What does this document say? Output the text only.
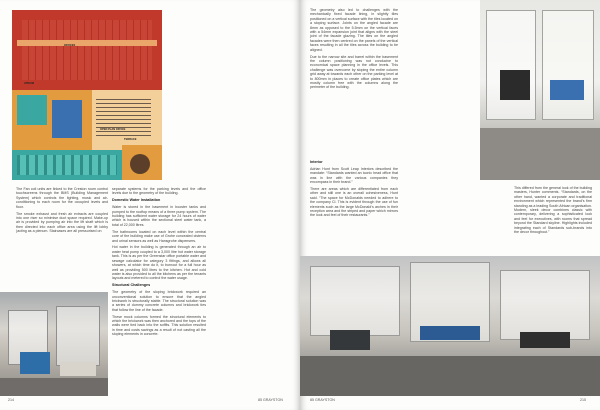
OFFICES
ATRIUM
OPEN PLAN OFFICE
TERRACE

The Fan coil units are linked to the Creston room control touchscreens through the BMS (Building Management System) which controls the lighting, music and air-conditioning to each room for the occupied levels and floor.

The smoke exhaust and fresh air extracts are coupled into one riser so minimise duct space required. Make-up air is provided by pumping air into the lift shaft which is then directed into each office area using the lift lobby (acting as a plenum. Staircases are all pressurised on

separate systems for the parking levels and the office levels due to the geometry of the building.

Domestic Water Installation

Water is stored in the basement in booster tanks and pumped to the rooftop means of a three pump system. The building has sufficient water storage for 24 hours of water which is housed within the sectional steel water tank, a total of 22,000 litres.

The bathrooms located on each level within the central core of the building make use of Grohe concealed cisterns and urinal sensors as well as Hansgrohe dispensers.

Hot water in the building is generated through an air to water heat pump coupled to a 3,000 litre hot water storage tank. This is as per the Greenstar office portable water and sewage calculator for category 3 fittings, and allows all showers, at which time do it, to burnout for a full hour as well as providing 500 litres to the kitchen. Hot and cold water is also provided to all the kitchens as per the tenants layouts and metered to control the water usage.

Structural Challenges

The geometry of the sloping brickwork required an unconventional solution to ensure that the angled brickwork is structurally stable. The structural solution was a series of dummy concrete columns and brickwork ties that follow the line of the facade.

These mock columns formed the structural elements to which the brickwork was then anchored and the tops of the walls were tied back into the soffits. This solution resulted in time and costs savings as a result of not casting all the sloping elements in concrete.

The geometry also led to challenges with the mechanically fixed facade lining, in slightly tiles positioned on a vertical surface with the tiles located on a sloping surface. Joints on the angled facade are 8mm as opposed to the 5.5mm on the vertical faces with a 54mm expansion joint that aligns with the steel joint of the facade glazing. The tiles on the angled facades were then centred on the panels of the vertical faces resulting in all the tiles across the building to be aligned.

Due to the narrow site and barrel within the basement the column positioning was not conducive to economical space planning in the office levels. This challenge was overcome by sloping the entire column grid away at towards each other on the parking level at to 800mm in places to create office plates which are mostly column free with the columns along the perimeter of the building.

Interior

Adrian Hunt from Scott Leap Interiors described the mandate: “Standards wanted an iconic head office that was in line with the various companies they encompass in their brand.”

There are areas which are differentiated from each other and still one is an overall cohesiveness, Hunt said. “The space for McDonalds needed to adhere to the company CI. This is evident through the use of fun elements such as the large McDonald’s arches in their reception area and the striped and paper which mirrors the look and feel of their restaurants.”

This differed from the general look of the building masters, Hunter comments. “Standards, on the other hand, wanted a corporate and traditional environment which represented the brand’s firm standing as a leading South African organisation. Modern, sleek decor combines classic with contemporary, delivering a sophisticated look and feel for executives, with rooms that spread beyond the Standard skyline. Highlights included integrating each of Standards sub-brands into the decor throughout.”

85 GRAYSTON	215
214	85 GRAYSTON
